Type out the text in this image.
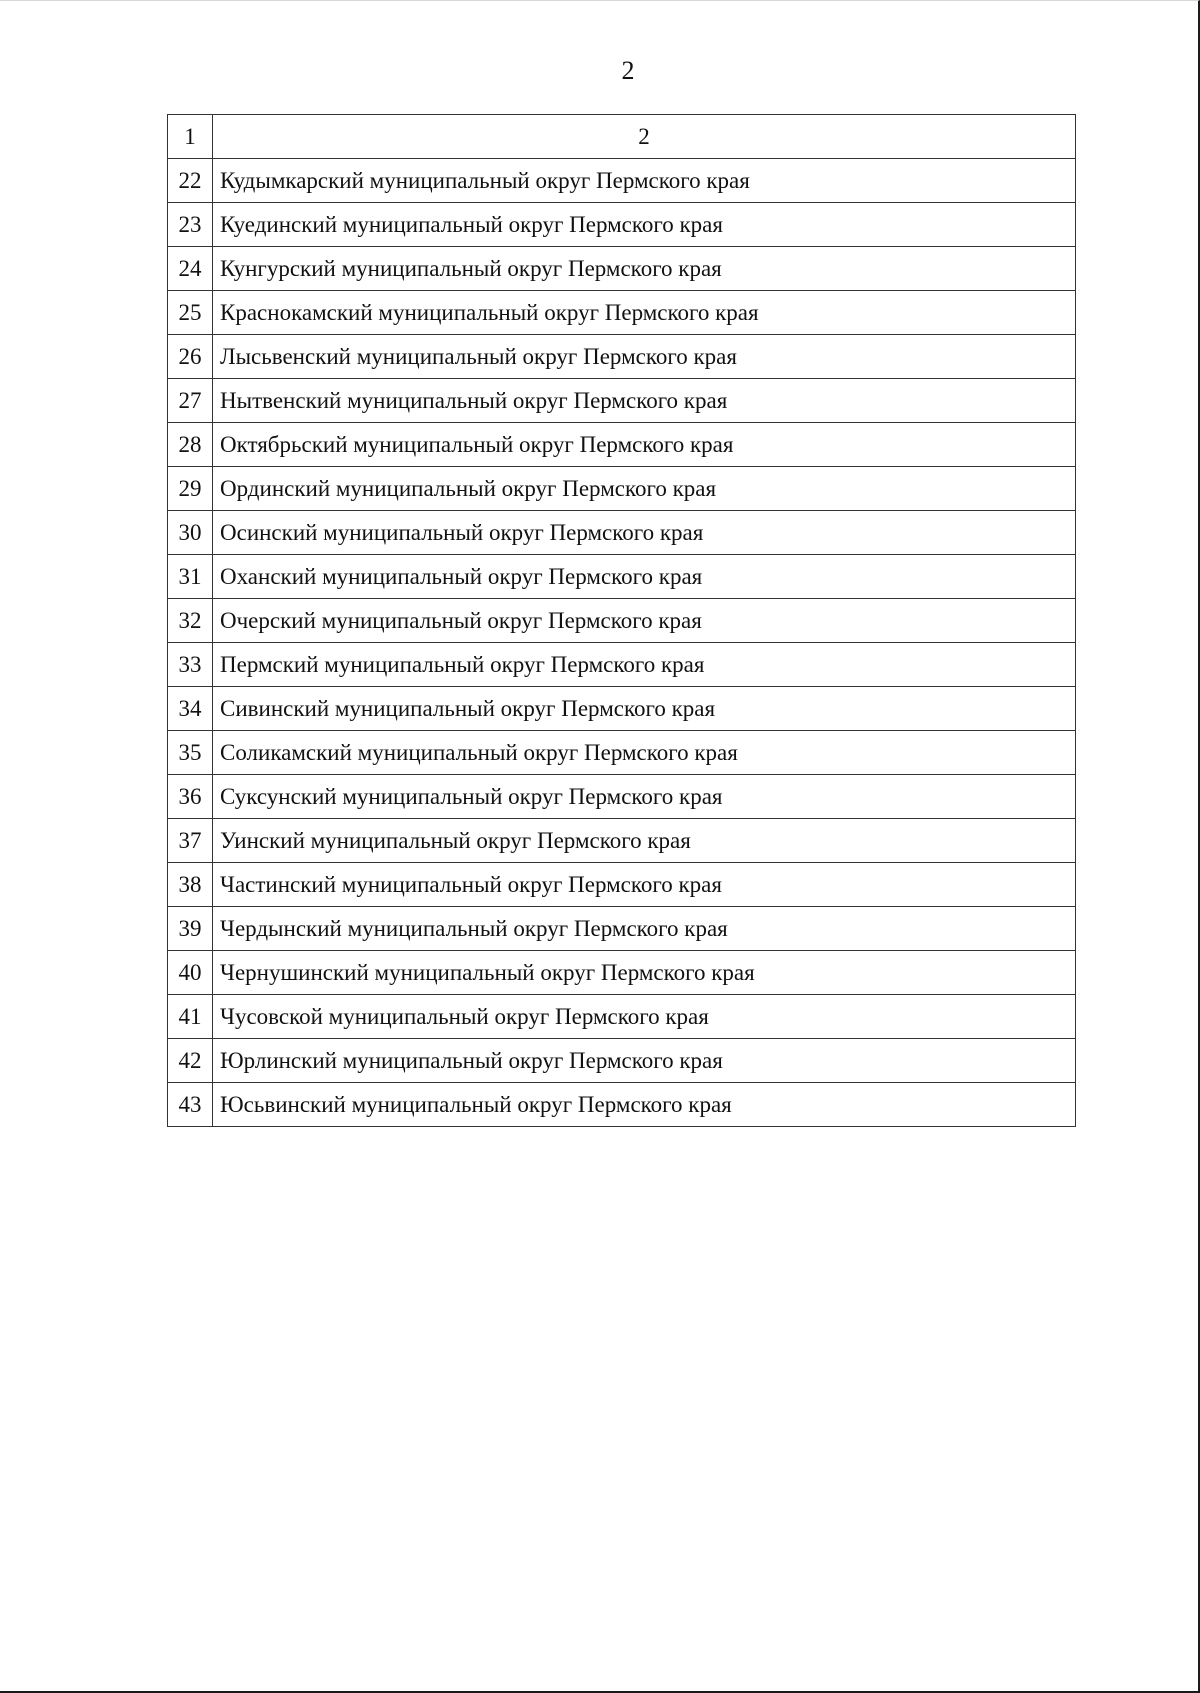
2
1	2
22	Кудымкарский муниципальный округ Пермского края
23	Куединский муниципальный округ Пермского края
24	Кунгурский муниципальный округ Пермского края
25	Краснокамский муниципальный округ Пермского края
26	Лысьвенский муниципальный округ Пермского края
27	Нытвенский муниципальный округ Пермского края
28	Октябрьский муниципальный округ Пермского края
29	Ординский муниципальный округ Пермского края
30	Осинский муниципальный округ Пермского края
31	Оханский муниципальный округ Пермского края
32	Очерский муниципальный округ Пермского края
33	Пермский муниципальный округ Пермского края
34	Сивинский муниципальный округ Пермского края
35	Соликамский муниципальный округ Пермского края
36	Суксунский муниципальный округ Пермского края
37	Уинский муниципальный округ Пермского края
38	Частинский муниципальный округ Пермского края
39	Чердынский муниципальный округ Пермского края
40	Чернушинский муниципальный округ Пермского края
41	Чусовской муниципальный округ Пермского края
42	Юрлинский муниципальный округ Пермского края
43	Юсьвинский муниципальный округ Пермского края
